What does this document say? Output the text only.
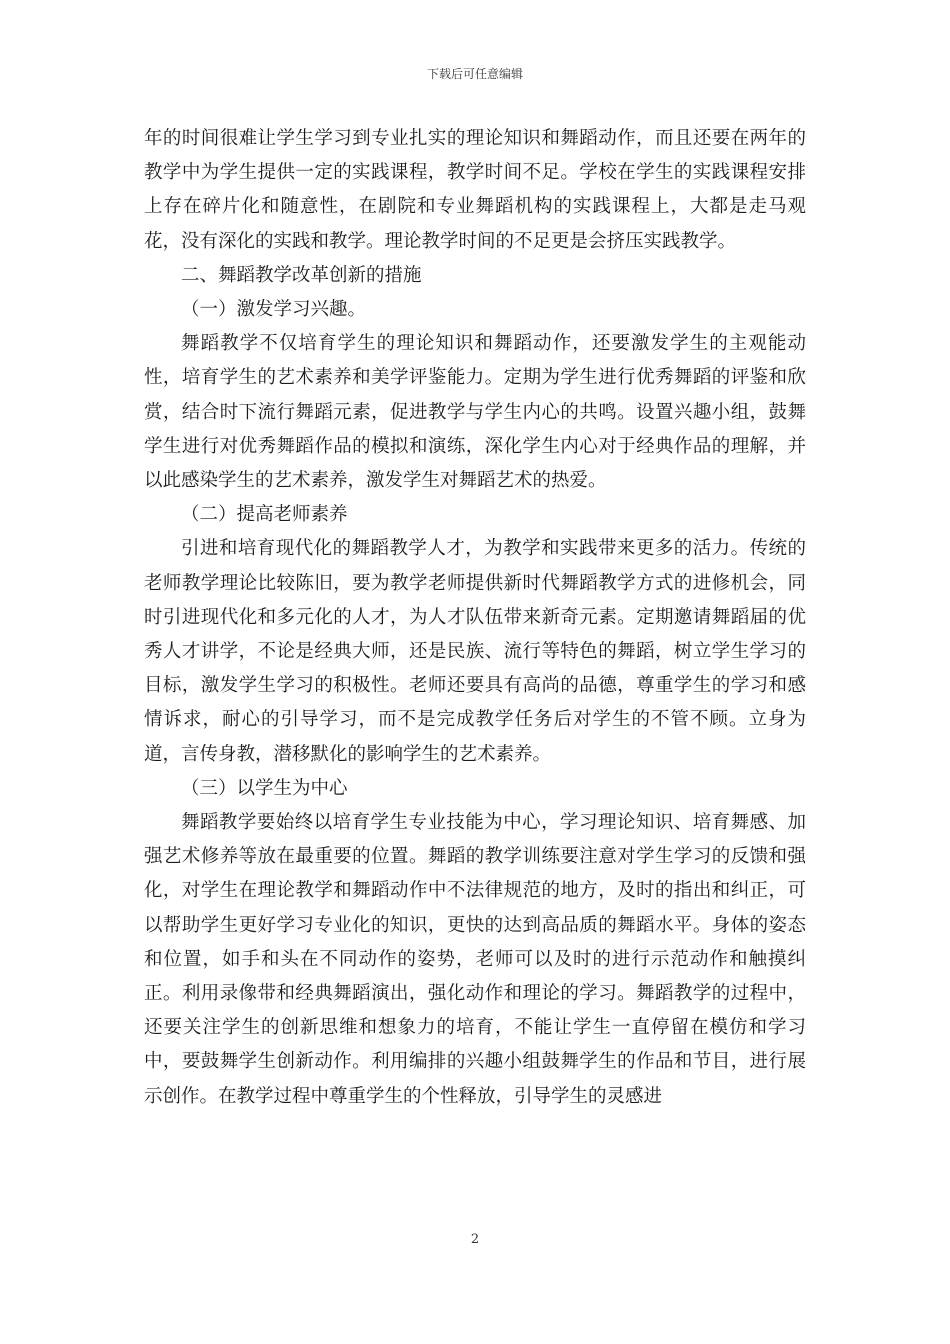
下载后可任意编辑

年的时间很难让学生学习到专业扎实的理论知识和舞蹈动作，而且还要在两年的教学中为学生提供一定的实践课程，教学时间不足。学校在学生的实践课程安排上存在碎片化和随意性，在剧院和专业舞蹈机构的实践课程上，大都是走马观花，没有深化的实践和教学。理论教学时间的不足更是会挤压实践教学。

二、舞蹈教学改革创新的措施

（一）激发学习兴趣。

舞蹈教学不仅培育学生的理论知识和舞蹈动作，还要激发学生的主观能动性，培育学生的艺术素养和美学评鉴能力。定期为学生进行优秀舞蹈的评鉴和欣赏，结合时下流行舞蹈元素，促进教学与学生内心的共鸣。设置兴趣小组，鼓舞学生进行对优秀舞蹈作品的模拟和演练，深化学生内心对于经典作品的理解，并以此感染学生的艺术素养，激发学生对舞蹈艺术的热爱。

（二）提高老师素养

引进和培育现代化的舞蹈教学人才，为教学和实践带来更多的活力。传统的老师教学理论比较陈旧，要为教学老师提供新时代舞蹈教学方式的进修机会，同时引进现代化和多元化的人才，为人才队伍带来新奇元素。定期邀请舞蹈届的优秀人才讲学，不论是经典大师，还是民族、流行等特色的舞蹈，树立学生学习的目标，激发学生学习的积极性。老师还要具有高尚的品德，尊重学生的学习和感情诉求，耐心的引导学习，而不是完成教学任务后对学生的不管不顾。立身为道，言传身教，潜移默化的影响学生的艺术素养。

（三）以学生为中心

舞蹈教学要始终以培育学生专业技能为中心，学习理论知识、培育舞感、加强艺术修养等放在最重要的位置。舞蹈的教学训练要注意对学生学习的反馈和强化，对学生在理论教学和舞蹈动作中不法律规范的地方，及时的指出和纠正，可以帮助学生更好学习专业化的知识，更快的达到高品质的舞蹈水平。身体的姿态和位置，如手和头在不同动作的姿势，老师可以及时的进行示范动作和触摸纠正。利用录像带和经典舞蹈演出，强化动作和理论的学习。舞蹈教学的过程中，还要关注学生的创新思维和想象力的培育，不能让学生一直停留在模仿和学习中，要鼓舞学生创新动作。利用编排的兴趣小组鼓舞学生的作品和节目，进行展示创作。在教学过程中尊重学生的个性释放，引导学生的灵感进

2
